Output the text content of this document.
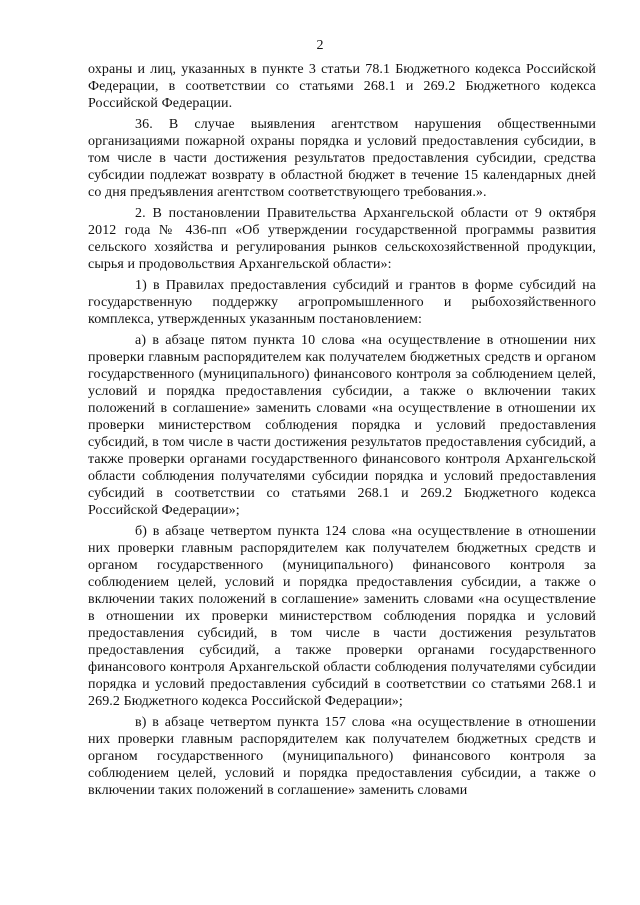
2

охраны и лиц, указанных в пункте 3 статьи 78.1 Бюджетного кодекса Российской Федерации, в соответствии со статьями 268.1 и 269.2 Бюджетного кодекса Российской Федерации.

36. В случае выявления агентством нарушения общественными организациями пожарной охраны порядка и условий предоставления субсидии, в том числе в части достижения результатов предоставления субсидии, средства субсидии подлежат возврату в областной бюджет в течение 15 календарных дней со дня предъявления агентством соответствующего требования.».

2. В постановлении Правительства Архангельской области от 9 октября 2012 года № 436-пп «Об утверждении государственной программы развития сельского хозяйства и регулирования рынков сельскохозяйственной продукции, сырья и продовольствия Архангельской области»:

1) в Правилах предоставления субсидий и грантов в форме субсидий на государственную поддержку агропромышленного и рыбохозяйственного комплекса, утвержденных указанным постановлением:

а) в абзаце пятом пункта 10 слова «на осуществление в отношении них проверки главным распорядителем как получателем бюджетных средств и органом государственного (муниципального) финансового контроля за соблюдением целей, условий и порядка предоставления субсидии, а также о включении таких положений в соглашение» заменить словами «на осуществление в отношении их проверки министерством соблюдения порядка и условий предоставления субсидий, в том числе в части достижения результатов предоставления субсидий, а также проверки органами государственного финансового контроля Архангельской области соблюдения получателями субсидии порядка и условий предоставления субсидий в соответствии со статьями 268.1 и 269.2 Бюджетного кодекса Российской Федерации»;

б) в абзаце четвертом пункта 124 слова «на осуществление в отношении них проверки главным распорядителем как получателем бюджетных средств и органом государственного (муниципального) финансового контроля за соблюдением целей, условий и порядка предоставления субсидии, а также о включении таких положений в соглашение» заменить словами «на осуществление в отношении их проверки министерством соблюдения порядка и условий предоставления субсидий, в том числе в части достижения результатов предоставления субсидий, а также проверки органами государственного финансового контроля Архангельской области соблюдения получателями субсидии порядка и условий предоставления субсидий в соответствии со статьями 268.1 и 269.2 Бюджетного кодекса Российской Федерации»;

в) в абзаце четвертом пункта 157 слова «на осуществление в отношении них проверки главным распорядителем как получателем бюджетных средств и органом государственного (муниципального) финансового контроля за соблюдением целей, условий и порядка предоставления субсидии, а также о включении таких положений в соглашение» заменить словами
